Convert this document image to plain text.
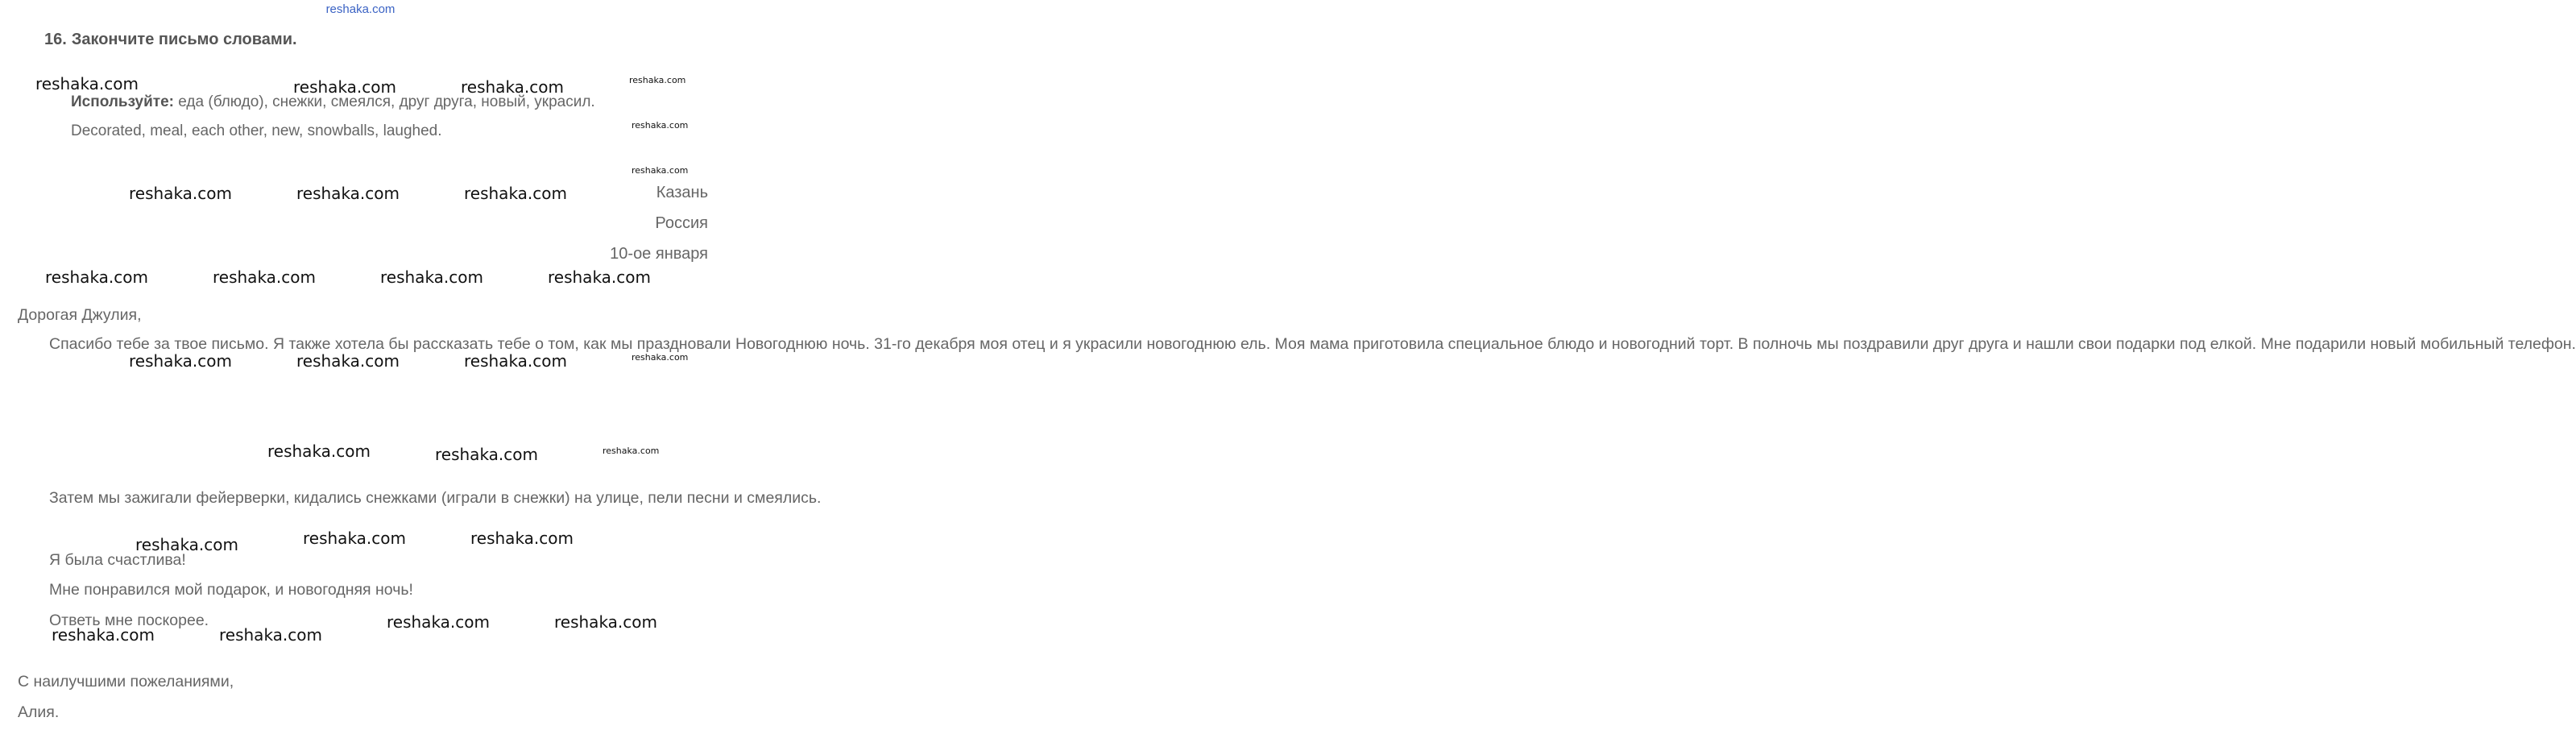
reshaka.com
16. Закончите письмо словами.
Используйте: еда (блюдо), снежки, смеялся, друг друга, новый, украсил.
Decorated, meal, each other, new, snowballs, laughed.
Казань
Россия
10-ое января
Дорогая Джулия,

Спасибо тебе за твое письмо. Я также хотела бы рассказать тебе о том, как мы праздновали Новогоднюю ночь. 31-го декабря моя отец и я украсили новогоднюю ель. Моя мама приготовила специальное блюдо и новогодний торт. В полночь мы поздравили друг друга и нашли свои подарки под елкой. Мне подарили новый мобильный телефон.

Затем мы зажигали фейерверки, кидались снежками (играли в снежки) на улице, пели песни и смеялись.

Я была счастлива!
Мне понравился мой подарок, и новогодняя ночь!
Ответь мне поскорее.
С наилучшими пожеланиями,
Алия.
reshaka.com	reshaka.com	reshaka.com	reshaka.com
reshaka.com
reshaka.com
reshaka.com	reshaka.com	reshaka.com
reshaka.com	reshaka.com	reshaka.com	reshaka.com
reshaka.com	reshaka.com	reshaka.com	reshaka.com
reshaka.com	reshaka.com	reshaka.com
reshaka.com	reshaka.com	reshaka.com
reshaka.com	reshaka.com
reshaka.com	reshaka.com
